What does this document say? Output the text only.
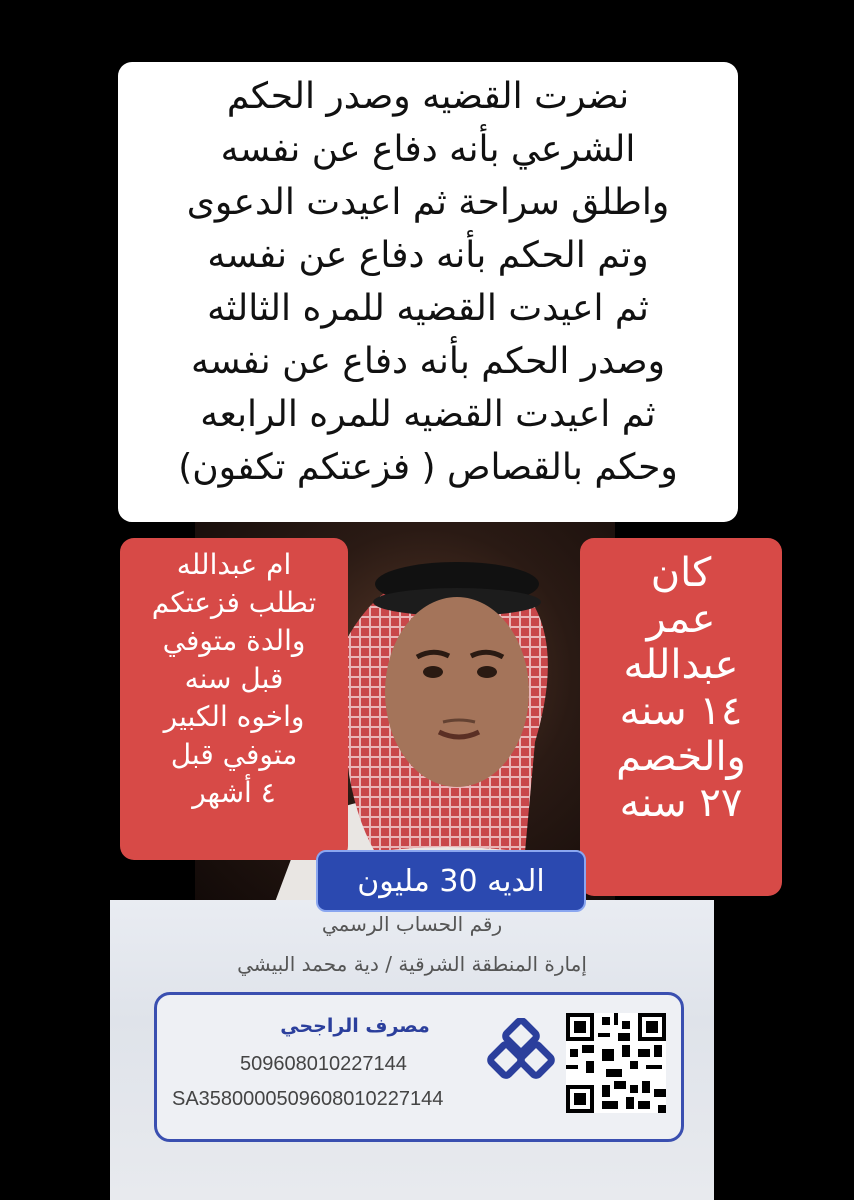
نضرت القضيه وصدر الحكم
الشرعي بأنه دفاع عن نفسه
واطلق سراحة ثم اعيدت الدعوى
وتم الحكم بأنه دفاع عن نفسه
ثم اعيدت القضيه للمره الثالثه
وصدر الحكم بأنه دفاع عن نفسه
ثم اعيدت القضيه للمره الرابعه
وحكم بالقصاص ( فزعتكم تكفون)
ام عبدالله
تطلب فزعتكم
والدة متوفي
قبل سنه
واخوه الكبير
متوفي قبل
٤ أشهر
كان
عمر
عبدالله
١٤ سنه
والخصم
٢٧ سنه
رقم الحساب الرسمي
إمارة المنطقة الشرقية / دية محمد البيشي
مصرف الراجحي
509608010227144
SA3580000509608010227144
الديه 30 مليون
